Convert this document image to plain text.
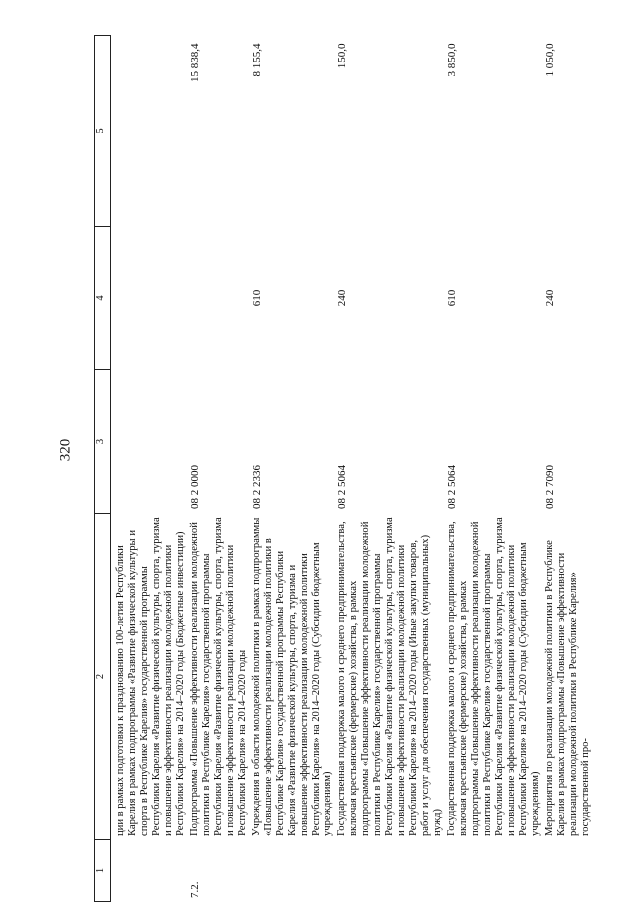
320
1	2	3	4	5

	ции в рамках подготовки к празднованию 100-летия Республики Карелия в рамках подпрограммы «Развитие физической культуры и спорта в Республике Карелия» государственной программы Республики Карелия «Развитие физической культуры, спорта, туризма и повышение эффективности реализации молодежной политики Республики Карелия» на 2014–2020 годы (Бюджетные инвестиции)			
7.2.	Подпрограмма «Повышение эффективности реализации молодежной политики в Республике Карелия» государственной программы Республики Карелия «Развитие физической культуры, спорта, туризма и повышение эффективности реализации молодежной политики Республики Карелия» на 2014–2020 годы	08 2 0000		15 838,4
	Учреждения в области молодежной политики в рамках подпрограммы «Повышение эффективности реализации молодежной политики в Республике Карелия» государственной программы Республики Карелия «Развитие физической культуры, спорта, туризма и повышение эффективности реализации молодежной политики Республики Карелия» на 2014–2020 годы (Субсидии бюджетным учреждениям)	08 2 2336	610	8 155,4
	Государственная поддержка малого и среднего предпринимательства, включая крестьянские (фермерские) хозяйства, в рамках подпрограммы «Повышение эффективности реализации молодежной политики в Республике Карелия» государственной программы Республики Карелия «Развитие физической культуры, спорта, туризма и повышение эффективности реализации молодежной политики Республики Карелия» на 2014–2020 годы (Иные закупки товаров, работ и услуг для обеспечения государственных (муниципальных) нужд)	08 2 5064	240	150,0
	Государственная поддержка малого и среднего предпринимательства, включая крестьянские (фермерские) хозяйства, в рамках подпрограммы «Повышение эффективности реализации молодежной политики в Республике Карелия» государственной программы Республики Карелия «Развитие физической культуры, спорта, туризма и повышение эффективности реализации молодежной политики Республики Карелия» на 2014–2020 годы (Субсидии бюджетным учреждениям)	08 2 5064	610	3 850,0
	Мероприятия по реализации молодежной политики в Республике Карелия в рамках подпрограммы «Повышение эффективности реализации молодежной политики в Республике Карелия» государственной про-	08 2 7090	240	1 050,0
